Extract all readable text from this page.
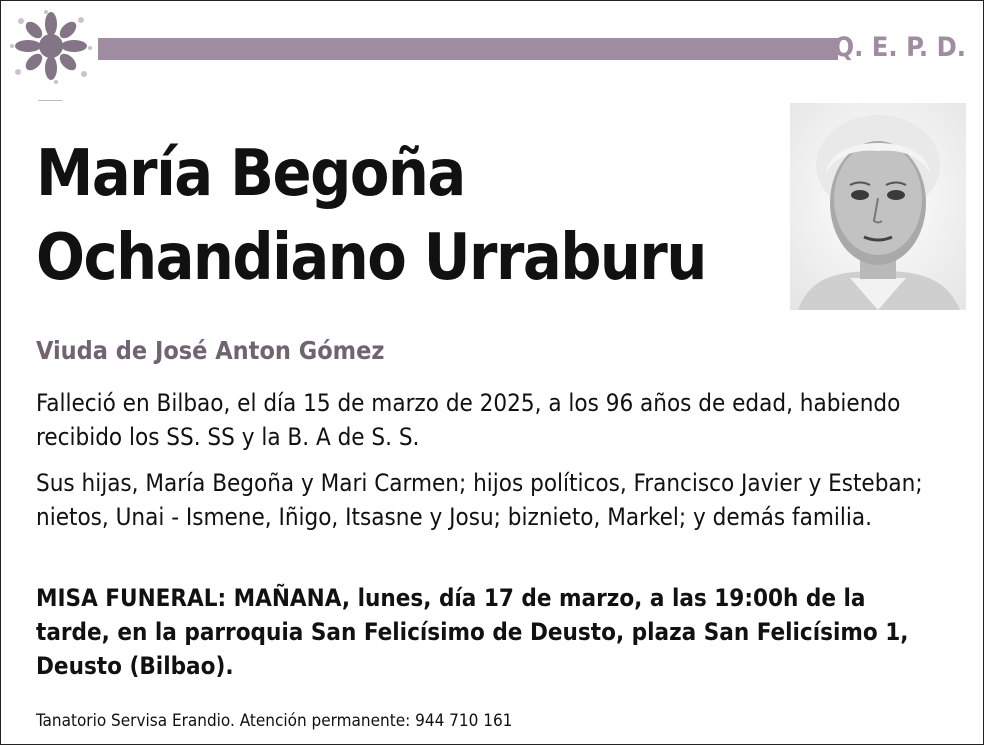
Q. E. P. D.
María Begoña
Ochandiano Urraburu
Viuda de José Anton Gómez
Falleció en Bilbao, el día 15 de marzo de 2025, a los 96 años de edad, habiendo recibido los SS. SS y la B. A de S. S.
Sus hijas, María Begoña y Mari Carmen; hijos políticos, Francisco Javier y Esteban; nietos, Unai - Ismene, Iñigo, Itsasne y Josu; biznieto, Markel; y demás familia.
MISA FUNERAL: MAÑANA, lunes, día 17 de marzo, a las 19:00h de la tarde, en la parroquia San Felicísimo de Deusto, plaza San Felicísimo 1, Deusto (Bilbao).
Tanatorio Servisa Erandio. Atención permanente: 944 710 161
